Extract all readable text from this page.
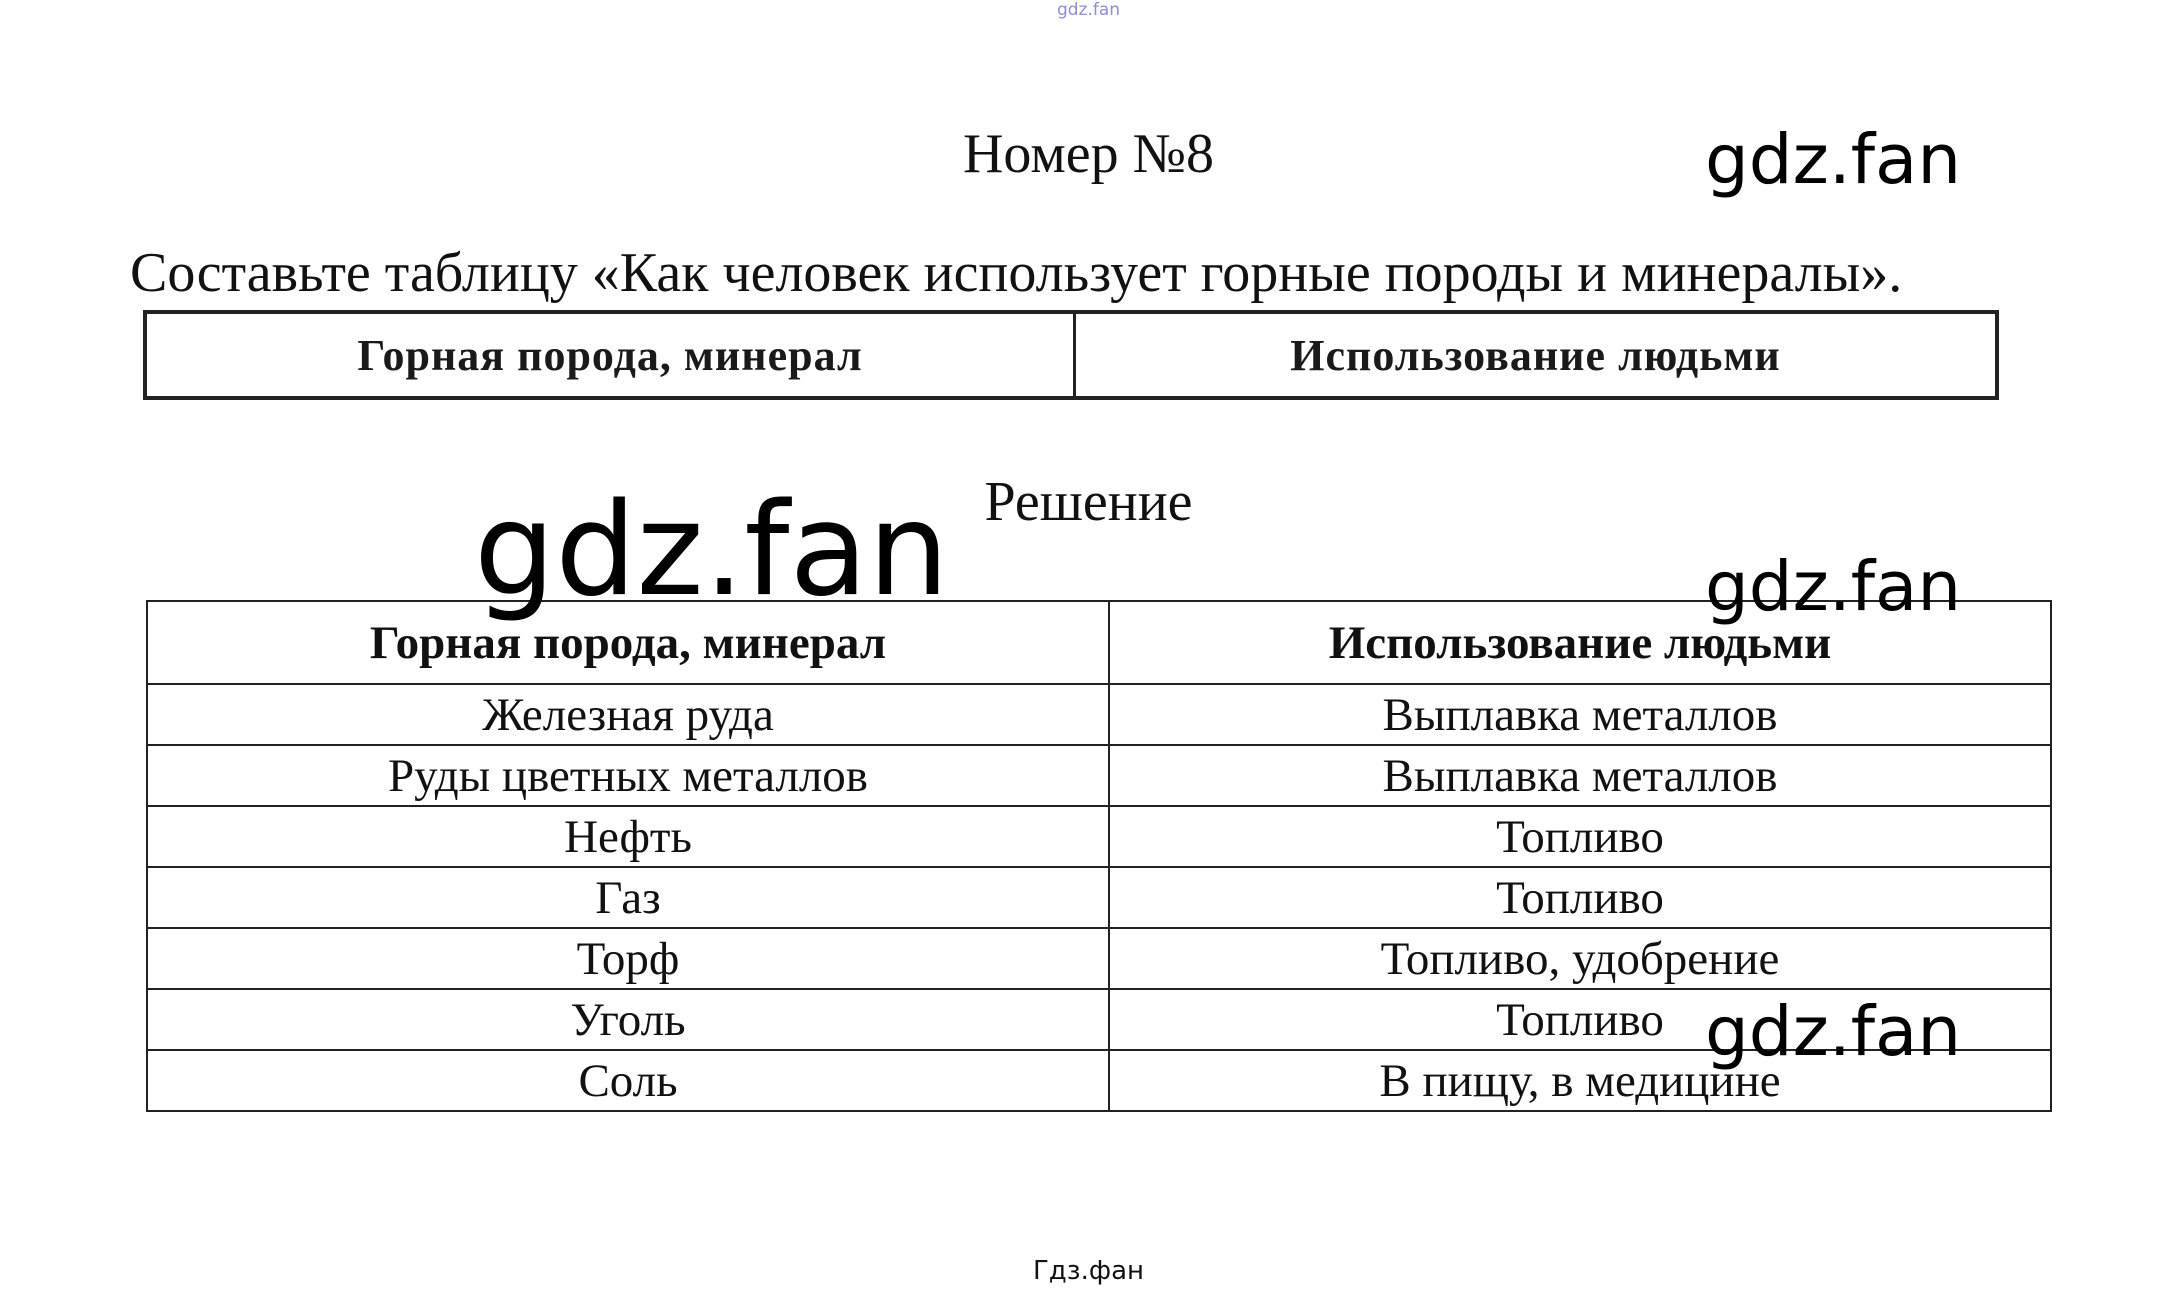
gdz.fan
Номер №8
Составьте таблицу «Как человек использует горные породы и минералы».
Горная порода, минерал	Использование людьми
Решение
Горная порода, минерал	Использование людьми
Железная руда	Выплавка металлов
Руды цветных металлов	Выплавка металлов
Нефть	Топливо
Газ	Топливо
Торф	Топливо, удобрение
Уголь	Топливо
Соль	В пищу, в медицине
gdz.fan
gdz.fan	gdz.fan
gdz.fan
Гдз.фан
